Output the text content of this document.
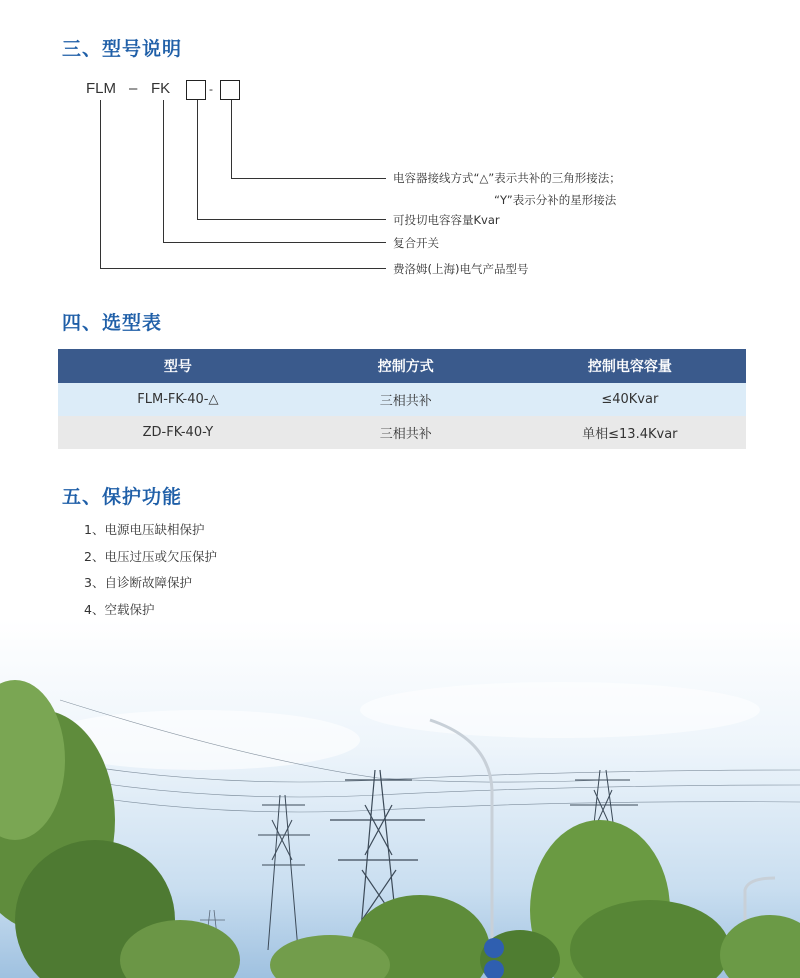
三、型号说明
FLM – FK	-
电容器接线方式“△”表示共补的三角形接法；
“Y”表示分补的星形接法
可投切电容容量Kvar
复合开关
费洛姆(上海)电气产品型号
四、选型表
型号	控制方式	控制电容容量
FLM-FK-40-△	三相共补	≤40Kvar
ZD-FK-40-Y	三相共补	单相≤13.4Kvar
五、保护功能
1、电源电压缺相保护
2、电压过压或欠压保护
3、自诊断故障保护
4、空载保护
